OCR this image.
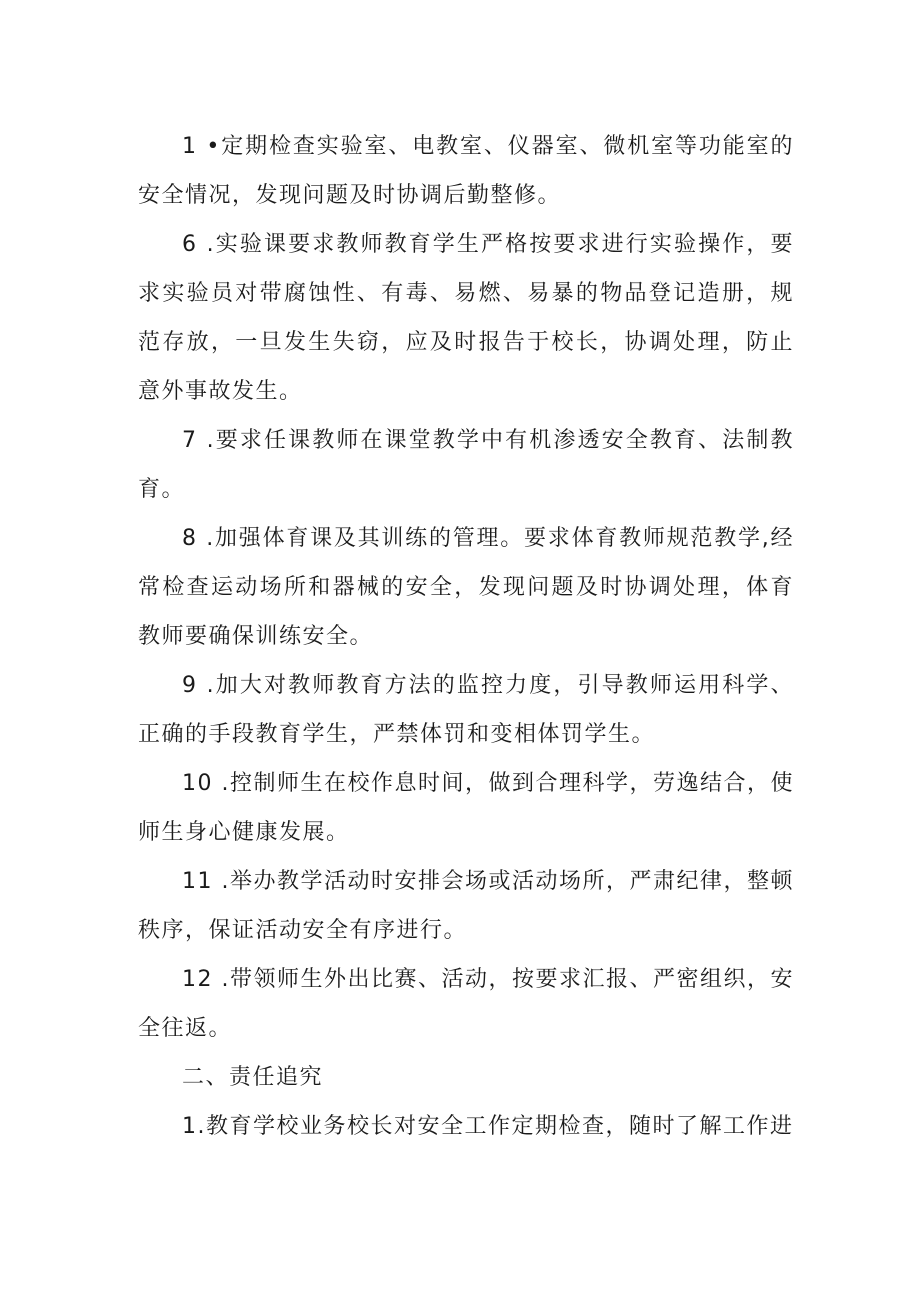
1 •定期检查实验室、电教室、仪器室、微机室等功能室的安全情况，发现问题及时协调后勤整修。

6 .实验课要求教师教育学生严格按要求进行实验操作，要求实验员对带腐蚀性、有毒、易燃、易暴的物品登记造册，规范存放，一旦发生失窃，应及时报告于校长，协调处理，防止意外事故发生。

7 .要求任课教师在课堂教学中有机渗透安全教育、法制教育。

8 .加强体育课及其训练的管理。要求体育教师规范教学,经常检查运动场所和器械的安全，发现问题及时协调处理，体育教师要确保训练安全。

9 .加大对教师教育方法的监控力度，引导教师运用科学、正确的手段教育学生，严禁体罚和变相体罚学生。

10 .控制师生在校作息时间，做到合理科学，劳逸结合，使师生身心健康发展。

11 .举办教学活动时安排会场或活动场所，严肃纪律，整顿秩序，保证活动安全有序进行。

12 .带领师生外出比赛、活动，按要求汇报、严密组织，安全往返。

二、责任追究

1.教育学校业务校长对安全工作定期检查，随时了解工作进
